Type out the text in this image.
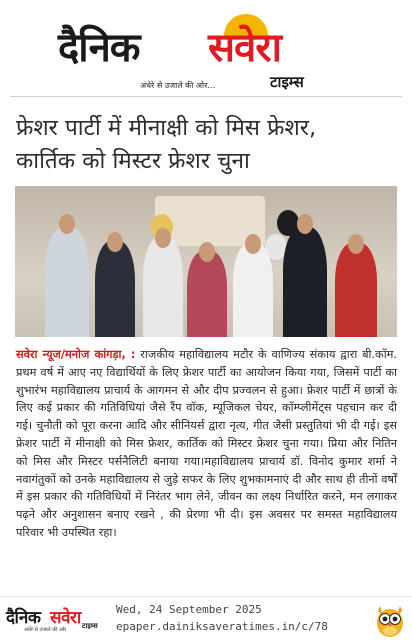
दैनिक सवेरा
अंधेरे से उजाले की ओर...	टाइम्स
फ्रेशर पार्टी में मीनाक्षी को मिस फ्रेशर,
कार्तिक को मिस्टर फ्रेशर चुना
सवेरा न्यूज/मनोज कांगड़ा, : राजकीय महाविद्यालय मटौर के वाणिज्य संकाय द्वारा बी.कॉम. प्रथम वर्ष में आए नए विद्यार्थियों के लिए फ्रेशर पार्टी का आयोजन किया गया, जिसमें पार्टी का शुभारंभ महाविद्यालय प्राचार्य के आगमन से और दीप प्रज्वलन से हुआ। फ्रेशर पार्टी में छात्रों के लिए कई प्रकार की गतिविधियां जैसे रैंप वॉक, म्यूजिकल चेयर, कॉम्प्लीमेंट्स पहचान कर दी गई। चुनौती को पूरा करना आदि और सीनियर्स द्वारा नृत्य, गीत जैसी प्रस्तुतियां भी दी गई। इस फ्रेशर पार्टी में मीनाक्षी को मिस फ्रेशर, कार्तिक को मिस्टर फ्रेशर चुना गया। प्रिया और नितिन को मिस और मिस्टर पर्सनैलिटी बनाया गया।महाविद्यालय प्राचार्य डॉ. विनोद कुमार शर्मा ने नवागंतुकों को उनके महाविद्यालय से जुड़े सफर के लिए शुभकामनाएं दी और साथ ही तीनों वर्षों में इस प्रकार की गतिविधियों में निरंतर भाग लेने, जीवन का लक्ष्य निर्धारित करने, मन लगाकर पढ़ने और अनुशासन बनाए रखने , की प्रेरणा भी दी। इस अवसर पर समस्त महाविद्यालय परिवार भी उपस्थित रहा।
दैनिक सवेरा
अंधेरे से उजाले की ओर टाइम्स
Wed, 24 September 2025
epaper.dainiksaveratimes.in/c/78
